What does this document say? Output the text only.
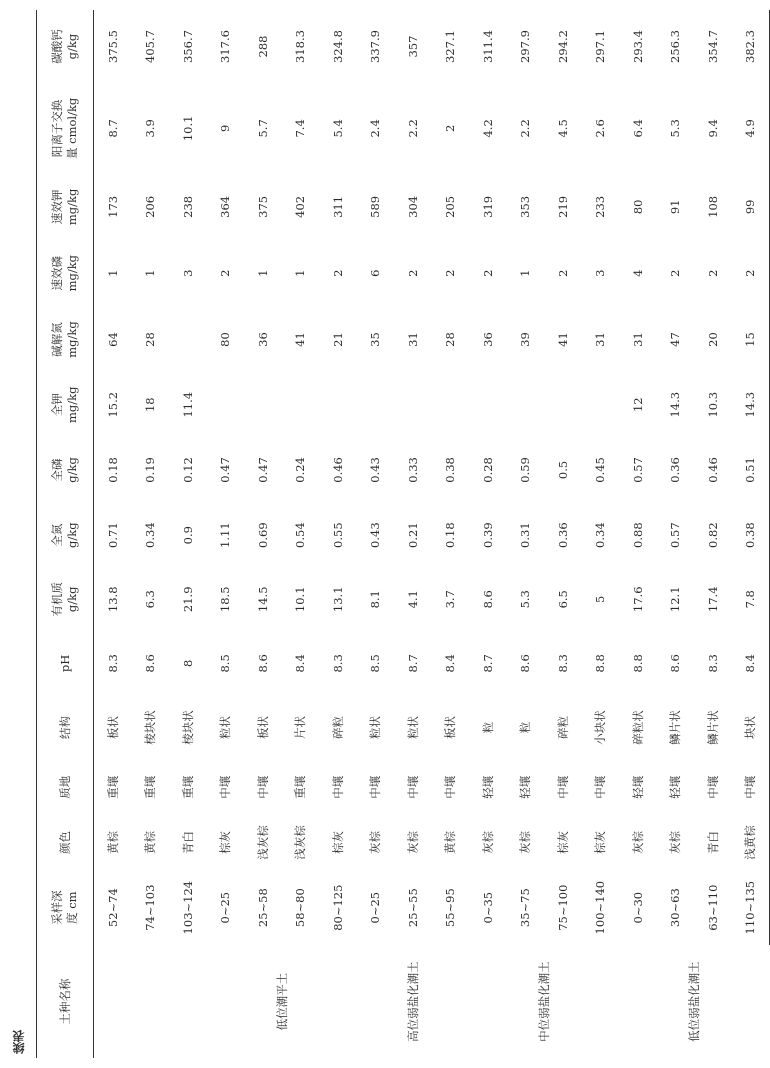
续表
土种名称	采样深 度 cm	颜色	质地	结构	pH	有机质 g/kg	全氮 g/kg	全磷 g/kg	全钾 mg/kg	碱解氮 mg/kg	速效磷 mg/kg	速效钾 mg/kg	阳离子交换 量 cmol/kg	碳酸钙 g/kg

	52~74	黄棕	重壤	板状	8.3	13.8	0.71	0.18	15.2	64	1	173	8.7	375.5
	74~103	黄棕	重壤	棱块状	8.6	6.3	0.34	0.19	18	28	1	206	3.9	405.7
	103~124	青白	重壤	棱块状	8	21.9	0.9	0.12	11.4		3	238	10.1	356.7
低位潮平土	0~25	棕灰	中壤	粒状	8.5	18.5	1.11	0.47		80	2	364	9	317.6
	25~58	浅灰棕	中壤	板状	8.6	14.5	0.69	0.47		36	1	375	5.7	288
	58~80	浅灰棕	重壤	片状	8.4	10.1	0.54	0.24		41	1	402	7.4	318.3
	80~125	棕灰	中壤	碎粒	8.3	13.1	0.55	0.46		21	2	311	5.4	324.8
高位弱盐化潮土	0~25	灰棕	中壤	粒状	8.5	8.1	0.43	0.43		35	6	589	2.4	337.9
	25~55	灰棕	中壤	粒状	8.7	4.1	0.21	0.33		31	2	304	2.2	357
	55~95	黄棕	中壤	板状	8.4	3.7	0.18	0.38		28	2	205	2	327.1
中位弱盐化潮土	0~35	灰棕	轻壤	粒	8.7	8.6	0.39	0.28		36	2	319	4.2	311.4
	35~75	灰棕	轻壤	粒	8.6	5.3	0.31	0.59		39	1	353	2.2	297.9
	75~100	棕灰	中壤	碎粒	8.3	6.5	0.36	0.5		41	2	219	4.5	294.2
	100~140	棕灰	中壤	小块状	8.8	5	0.34	0.45		31	3	233	2.6	297.1
低位弱盐化潮土	0~30	灰棕	轻壤	碎粒状	8.8	17.6	0.88	0.57	12	31	4	80	6.4	293.4
	30~63	灰棕	轻壤	鳞片状	8.6	12.1	0.57	0.36	14.3	47	2	91	5.3	256.3
	63~110	青白	中壤	鳞片状	8.3	17.4	0.82	0.46	10.3	20	2	108	9.4	354.7
	110~135	浅黄棕	中壤	块状	8.4	7.8	0.38	0.51	14.3	15	2	99	4.9	382.3
